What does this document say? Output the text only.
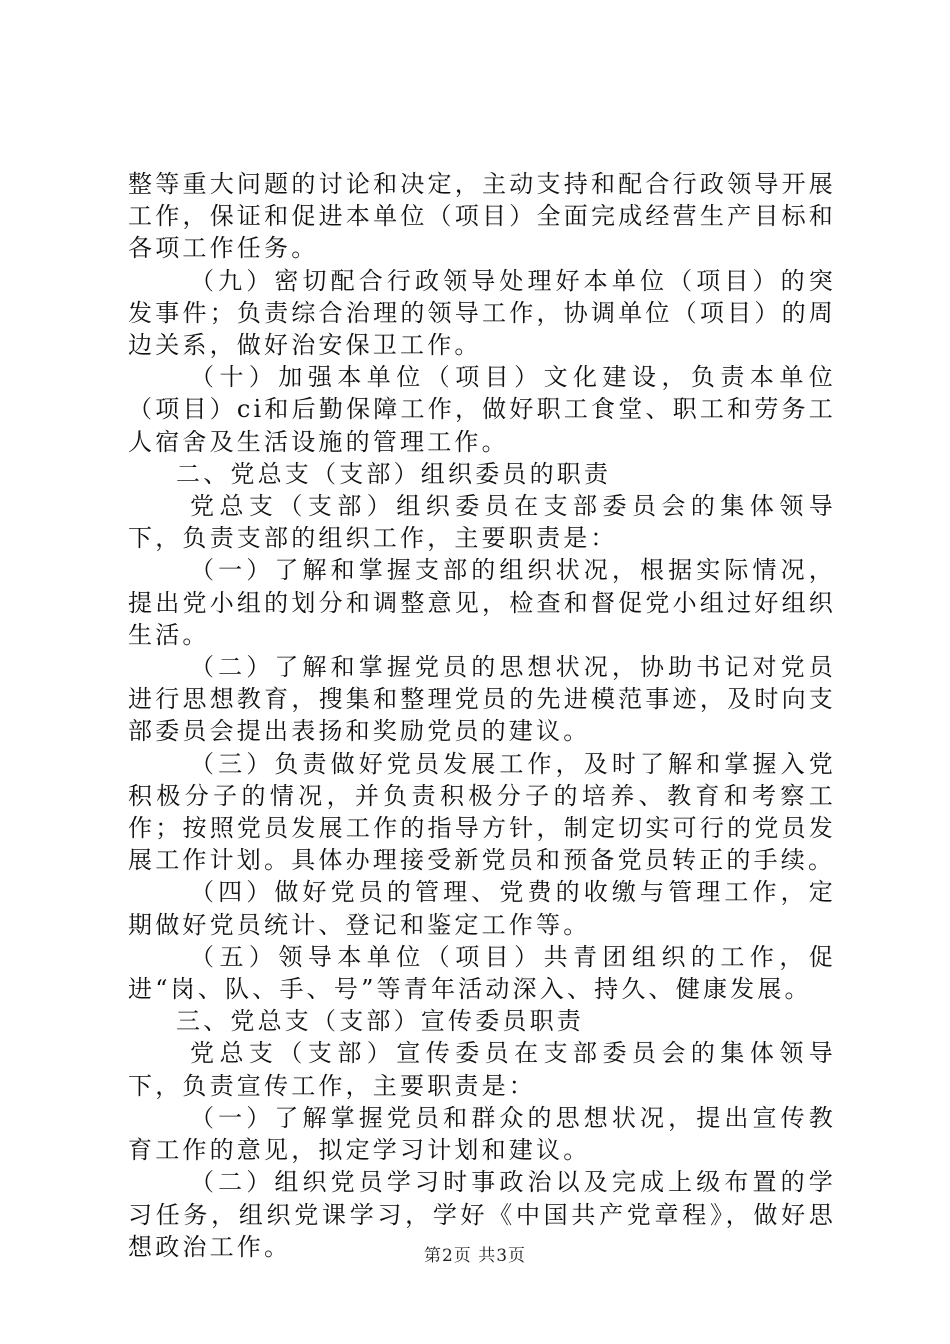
整等重大问题的讨论和决定，主动支持和配合行政领导开展工作，保证和促进本单位（项目）全面完成经营生产目标和各项工作任务。

（九）密切配合行政领导处理好本单位（项目）的突发事件；负责综合治理的领导工作，协调单位（项目）的周边关系，做好治安保卫工作。

（十）加强本单位（项目）文化建设，负责本单位（项目）ci和后勤保障工作，做好职工食堂、职工和劳务工人宿舍及生活设施的管理工作。

二、党总支（支部）组织委员的职责

党总支（支部）组织委员在支部委员会的集体领导下，负责支部的组织工作，主要职责是：

（一）了解和掌握支部的组织状况，根据实际情况，提出党小组的划分和调整意见，检查和督促党小组过好组织生活。

（二）了解和掌握党员的思想状况，协助书记对党员进行思想教育，搜集和整理党员的先进模范事迹，及时向支部委员会提出表扬和奖励党员的建议。

（三）负责做好党员发展工作，及时了解和掌握入党积极分子的情况，并负责积极分子的培养、教育和考察工作；按照党员发展工作的指导方针，制定切实可行的党员发展工作计划。具体办理接受新党员和预备党员转正的手续。

（四）做好党员的管理、党费的收缴与管理工作，定期做好党员统计、登记和鉴定工作等。

（五）领导本单位（项目）共青团组织的工作，促进“岗、队、手、号”等青年活动深入、持久、健康发展。

三、党总支（支部）宣传委员职责

党总支（支部）宣传委员在支部委员会的集体领导下，负责宣传工作，主要职责是：

（一）了解掌握党员和群众的思想状况，提出宣传教育工作的意见，拟定学习计划和建议。

（二）组织党员学习时事政治以及完成上级布置的学习任务，组织党课学习，学好《中国共产党章程》，做好思想政治工作。	第2页 共3页
